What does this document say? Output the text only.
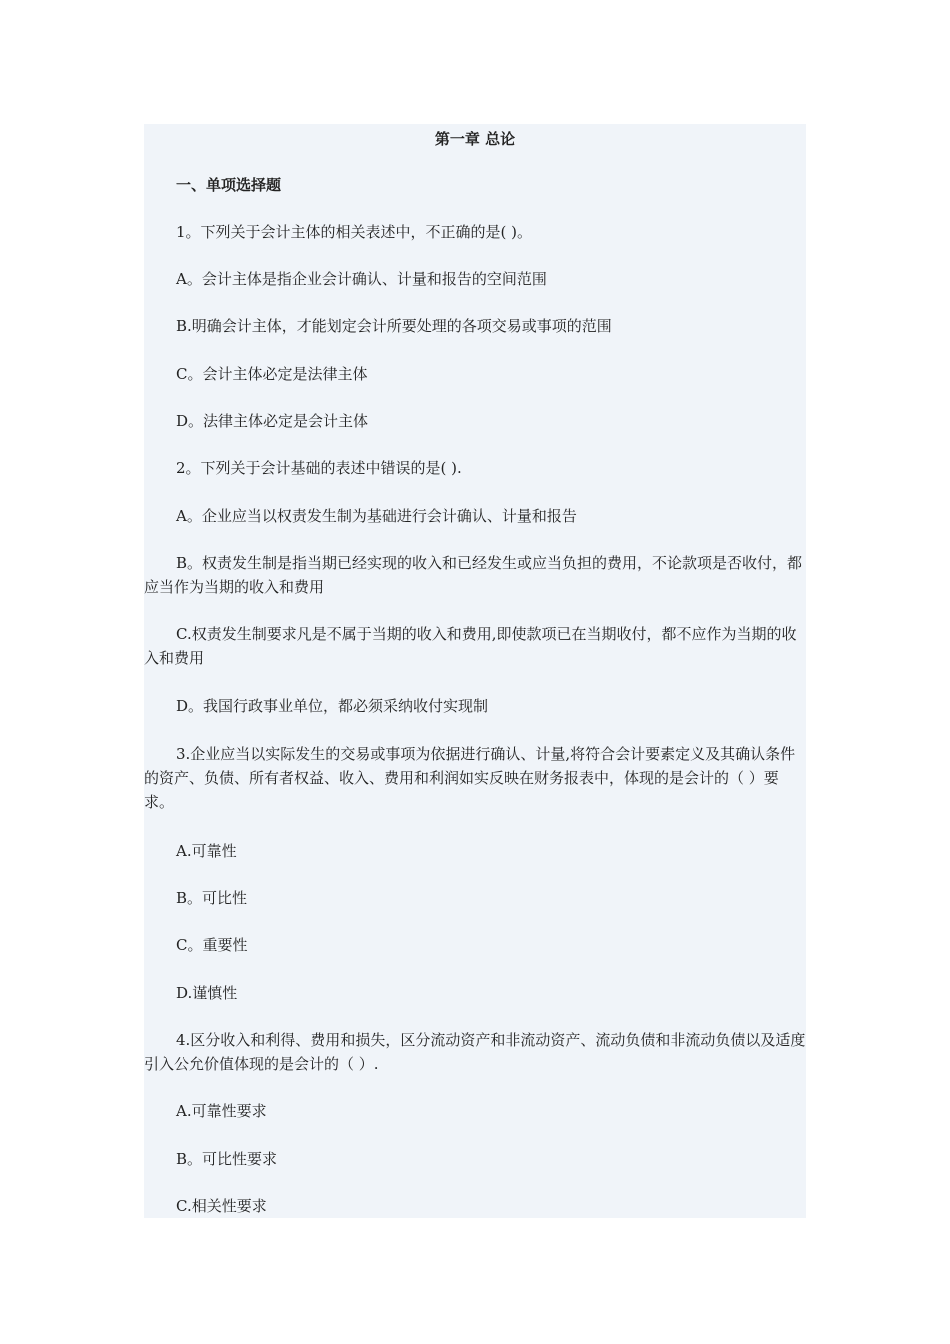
第一章 总论
一、单项选择题
1。下列关于会计主体的相关表述中，不正确的是( )。
A。会计主体是指企业会计确认、计量和报告的空间范围
B.明确会计主体，才能划定会计所要处理的各项交易或事项的范围
C。会计主体必定是法律主体
D。法律主体必定是会计主体
2。下列关于会计基础的表述中错误的是( ).
A。企业应当以权责发生制为基础进行会计确认、计量和报告
B。权责发生制是指当期已经实现的收入和已经发生或应当负担的费用，不论款项是否收付，都应当作为当期的收入和费用
C.权责发生制要求凡是不属于当期的收入和费用,即使款项已在当期收付，都不应作为当期的收入和费用
D。我国行政事业单位，都必须采纳收付实现制
3.企业应当以实际发生的交易或事项为依据进行确认、计量,将符合会计要素定义及其确认条件的资产、负债、所有者权益、收入、费用和利润如实反映在财务报表中，体现的是会计的（ ）要求。
A.可靠性
B。可比性
C。重要性
D.谨慎性
4.区分收入和利得、费用和损失，区分流动资产和非流动资产、流动负债和非流动负债以及适度引入公允价值体现的是会计的（ ）.
A.可靠性要求
B。可比性要求
C.相关性要求
